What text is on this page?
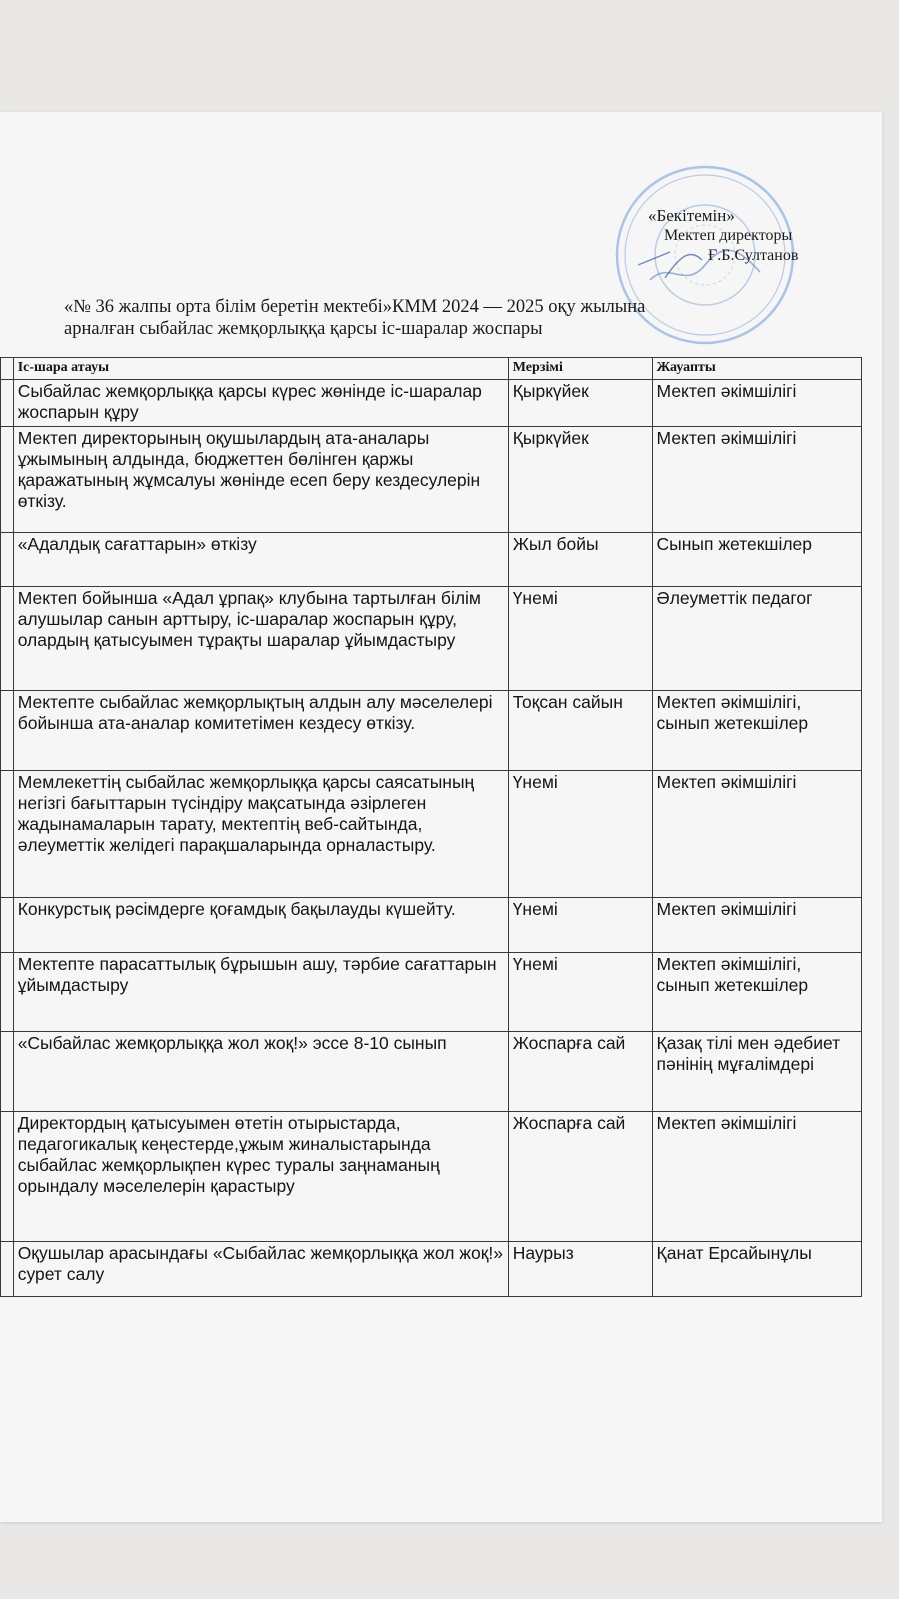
«Бекітемін»
Мектеп директоры
Ғ.Б.Султанов
«№ 36 жалпы орта білім беретін мектебі»КММ 2024 — 2025 оқу жылына
арналған сыбайлас жемқорлыққа қарсы іс-шаралар жоспары
	Іс-шара атауы	Мерзімі	Жауапты
	Сыбайлас жемқорлыққа қарсы күрес жөнінде іс-шаралар жоспарын құру	Қыркүйек	Мектеп әкімшілігі
	Мектеп директорының оқушылардың ата-аналары ұжымының алдында, бюджеттен бөлінген қаржы қаражатының жұмсалуы жөнінде есеп беру кездесулерін өткізу.	Қыркүйек	Мектеп әкімшілігі
	«Адалдық сағаттарын» өткізу	Жыл бойы	Сынып жетекшілер
	Мектеп бойынша «Адал ұрпақ» клубына тартылған білім алушылар санын арттыру, іс-шаралар жоспарын құру, олардың қатысуымен тұрақты шаралар ұйымдастыру	Үнемі	Әлеуметтік педагог
	Мектепте сыбайлас жемқорлықтың алдын алу мәселелері бойынша ата-аналар комитетімен кездесу өткізу.	Тоқсан сайын	Мектеп әкімшілігі, сынып жетекшілер
	Мемлекеттің сыбайлас жемқорлыққа қарсы саясатының негізгі бағыттарын түсіндіру мақсатында әзірлеген жадынамаларын тарату, мектептің веб-сайтында, әлеуметтік желідегі парақшаларында орналастыру.	Үнемі	Мектеп әкімшілігі
	Конкурстық рәсімдерге қоғамдық бақылауды күшейту.	Үнемі	Мектеп әкімшілігі
	Мектепте парасаттылық бұрышын ашу, тәрбие сағаттарын ұйымдастыру	Үнемі	Мектеп әкімшілігі, сынып жетекшілер
	«Сыбайлас жемқорлыққа жол жоқ!» эссе 8-10 сынып	Жоспарға сай	Қазақ тілі мен әдебиет пәнінің мұғалімдері
	Директордың қатысуымен өтетін отырыстарда, педагогикалық кеңестерде,ұжым жиналыстарында сыбайлас жемқорлықпен күрес туралы заңнаманың орындалу мәселелерін қарастыру	Жоспарға сай	Мектеп әкімшілігі
	Оқушылар арасындағы «Сыбайлас жемқорлыққа жол жоқ!» сурет салу	Наурыз	Қанат Ерсайынұлы
